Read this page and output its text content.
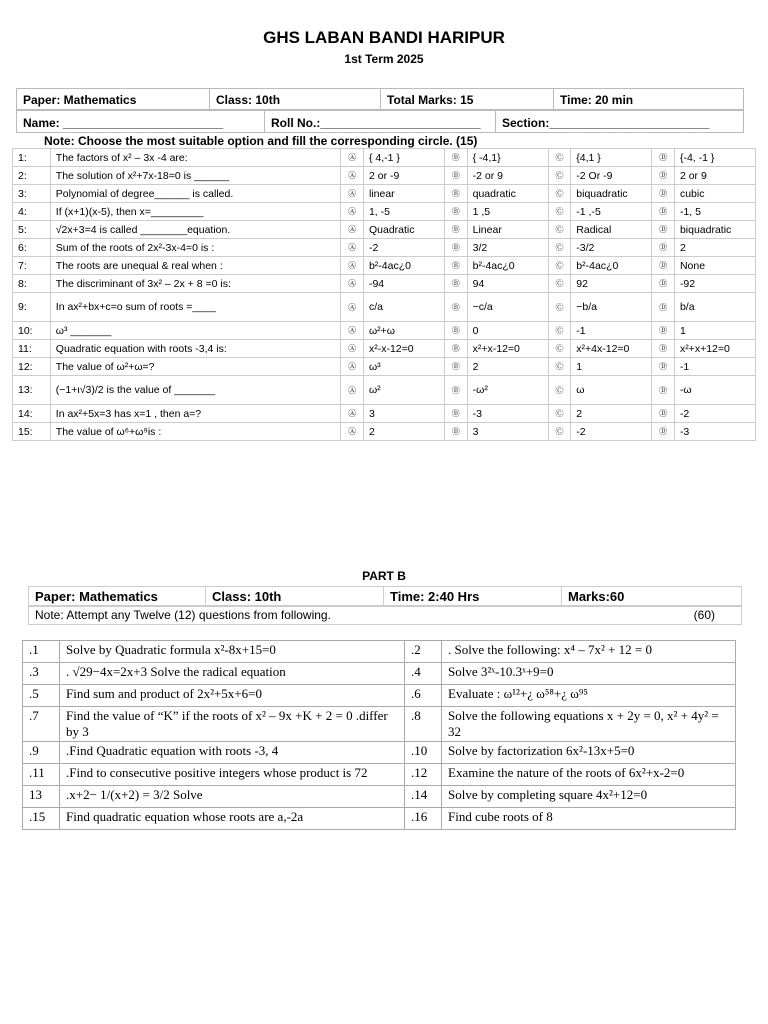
GHS LABAN BANDI HARIPUR
1st Term 2025
Paper: Mathematics	Class: 10th	Total Marks: 15	Time: 20 min
Name: ________________________	Roll No.:________________________	Section:________________________
Note: Choose the most suitable option and fill the corresponding circle. (15)
1:	The factors of x² – 3x -4 are:	Ⓐ	{ 4,-1 }	Ⓑ	{ -4,1}	Ⓒ	{4,1 }	Ⓓ	{-4, -1 }
2:	The solution of x²+7x-18=0 is ______	Ⓐ	2 or -9	Ⓑ	-2 or 9	Ⓒ	-2 Or -9	Ⓓ	2 or 9
3:	Polynomial of degree______ is called.	Ⓐ	linear	Ⓑ	quadratic	Ⓒ	biquadratic	Ⓓ	cubic
4:	If (x+1)(x-5), then x=_________	Ⓐ	1, -5	Ⓑ	1 ,5	Ⓒ	-1 ,-5	Ⓓ	-1, 5
5:	√2x+3=4 is called ________equation.	Ⓐ	Quadratic	Ⓑ	Linear	Ⓒ	Radical	Ⓓ	biquadratic
6:	Sum of the roots of 2x²-3x-4=0 is :	Ⓐ	-2	Ⓑ	3/2	Ⓒ	-3/2	Ⓓ	2
7:	The roots are unequal & real when :	Ⓐ	b²-4ac¿0	Ⓑ	b²-4ac¿0	Ⓒ	b²-4ac¿0	Ⓓ	None
8:	The discriminant of 3x² – 2x + 8 =0 is:	Ⓐ	-94	Ⓑ	94	Ⓒ	92	Ⓓ	-92
9:	In ax²+bx+c=o sum of roots =____	Ⓐ	c/a	Ⓑ	−c/a	Ⓒ	−b/a	Ⓓ	b/a
10:	ω³ _______	Ⓐ	ω²+ω	Ⓑ	0	Ⓒ	-1	Ⓓ	1
11:	Quadratic equation with roots -3,4 is:	Ⓐ	x²-x-12=0	Ⓑ	x²+x-12=0	Ⓒ	x²+4x-12=0	Ⓓ	x²+x+12=0
12:	The value of ω²+ω=?	Ⓐ	ω³	Ⓑ	2	Ⓒ	1	Ⓓ	-1
13:	(−1+ι√3)/2 is the value of _______	Ⓐ	ω²	Ⓑ	-ω²	Ⓒ	ω	Ⓓ	-ω
14:	In ax²+5x=3 has x=1 , then a=?	Ⓐ	3	Ⓑ	-3	Ⓒ	2	Ⓓ	-2
15:	The value of ω⁶+ω⁹is :	Ⓐ	2	Ⓑ	3	Ⓒ	-2	Ⓓ	-3
PART B
Paper: Mathematics	Class: 10th	Time: 2:40 Hrs	Marks:60
Note: Attempt any Twelve (12) questions from following.	(60)
.1	Solve by Quadratic formula x²-8x+15=0	.2	. Solve the following: x⁴ – 7x² + 12 = 0
.3	. √29−4x=2x+3 Solve the radical equation	.4	Solve 3²ˣ-10.3ˣ+9=0
.5	Find sum and product of 2x²+5x+6=0	.6	Evaluate : ω¹²+¿ ω⁵⁸+¿ ω⁹⁵
.7	Find the value of “K” if the roots of x² – 9x +K + 2 = 0 .differ by 3	.8	Solve the following equations x + 2y = 0, x² + 4y² = 32
.9	.Find Quadratic equation with roots -3, 4	.10	Solve by factorization 6x²-13x+5=0
.11	.Find to consecutive positive integers whose product is 72	.12	Examine the nature of the roots of 6x²+x-2=0
13	.x+2− 1/(x+2) = 3/2 Solve	.14	Solve by completing square 4x²+12=0
.15	Find quadratic equation whose roots are a,-2a	.16	Find cube roots of 8
